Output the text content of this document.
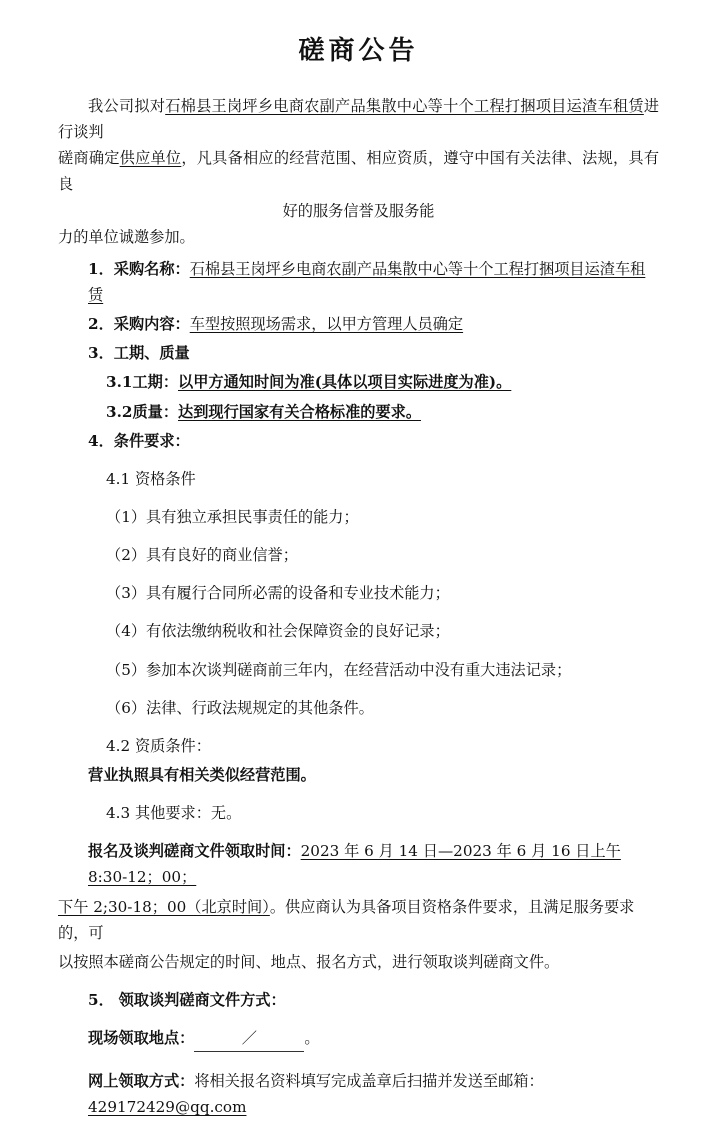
磋商公告

我公司拟对石棉县王岗坪乡电商农副产品集散中心等十个工程打捆项目运渣车租赁进行谈判

磋商确定供应单位，凡具备相应的经营范围、相应资质，遵守中国有关法律、法规，具有良

好的服务信誉及服务能

力的单位诚邀参加。

1．采购名称：石棉县王岗坪乡电商农副产品集散中心等十个工程打捆项目运渣车租赁
2．采购内容：车型按照现场需求，以甲方管理人员确定
3．工期、质量
3.1工期：以甲方通知时间为准(具体以项目实际进度为准)。
3.2质量：达到现行国家有关合格标准的要求。
4．条件要求：
4.1 资格条件
（1）具有独立承担民事责任的能力；
（2）具有良好的商业信誉；
（3）具有履行合同所必需的设备和专业技术能力；
（4）有依法缴纳税收和社会保障资金的良好记录；
（5）参加本次谈判磋商前三年内，在经营活动中没有重大违法记录；
（6）法律、行政法规规定的其他条件。
4.2 资质条件：
营业执照具有相关类似经营范围。
4.3 其他要求：无。
报名及谈判磋商文件领取时间：2023 年 6 月 14 日—2023 年 6 月 16 日上午 8:30-12；00；
下午 2;30-18；00（北京时间）。供应商认为具备项目资格条件要求，且满足服务要求的，可
以按照本磋商公告规定的时间、地点、报名方式，进行领取谈判磋商文件。
5． 领取谈判磋商文件方式：
现场领取地点：	／	。
网上领取方式：将相关报名资料填写完成盖章后扫描并发送至邮箱：429172429@qq.com
